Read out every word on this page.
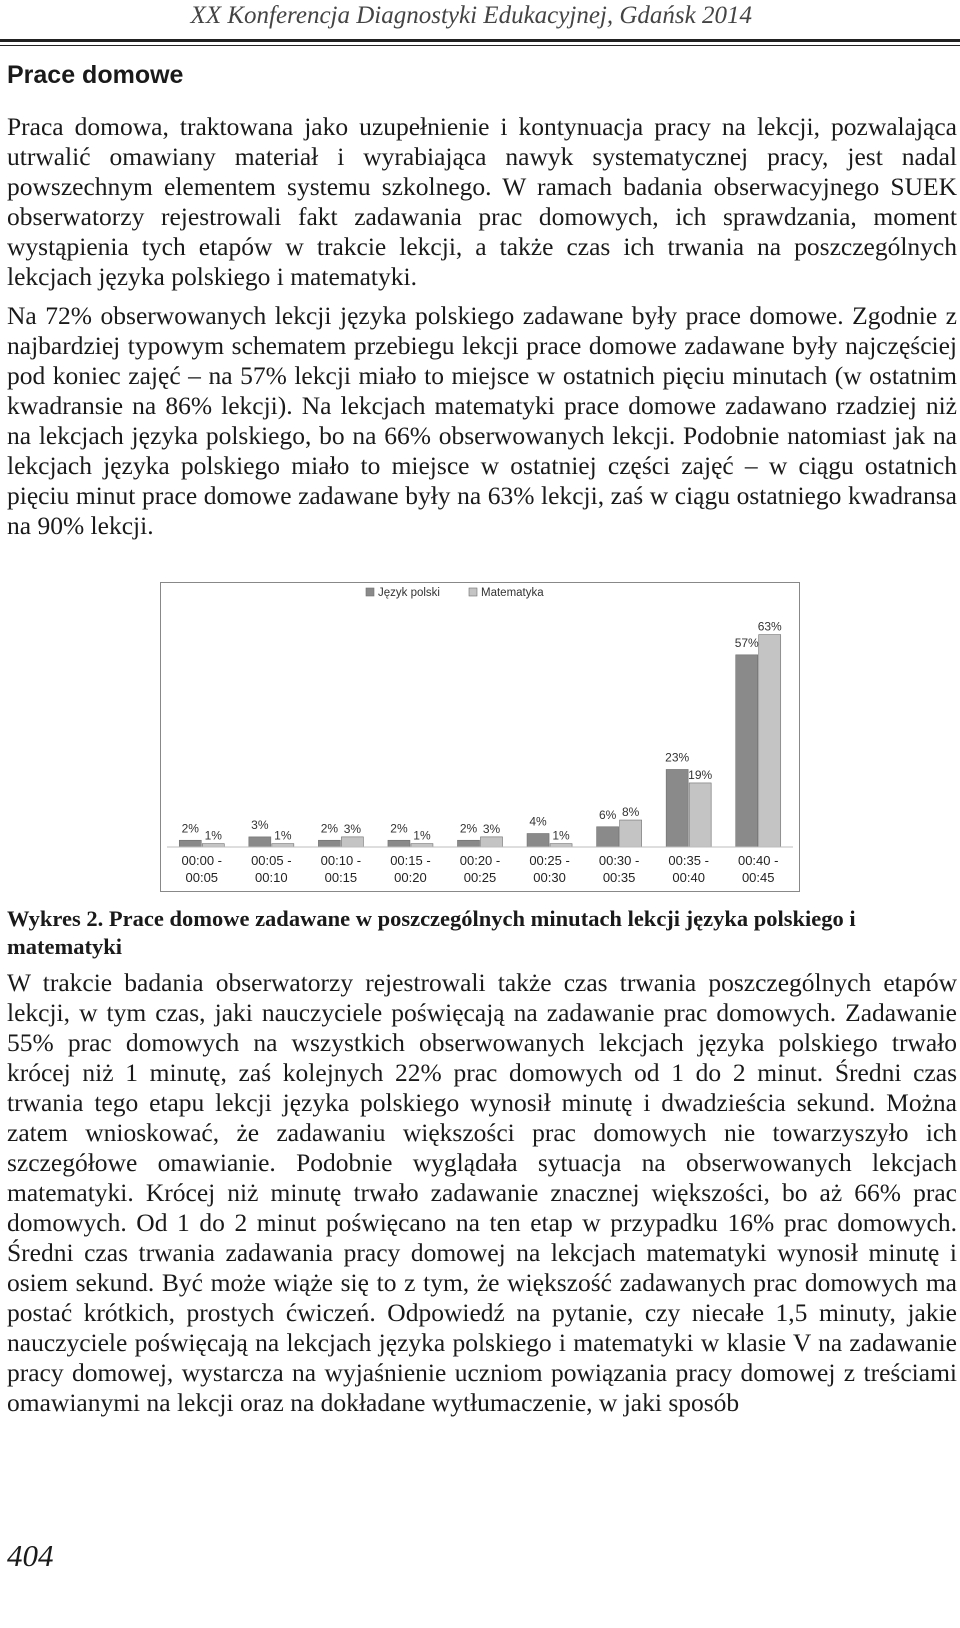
XX Konferencja Diagnostyki Edukacyjnej, Gdańsk 2014
Prace domowe
Praca domowa, traktowana jako uzupełnienie i kontynuacja pracy na lekcji, pozwalająca utrwalić omawiany materiał i wyrabiająca nawyk systematycznej pracy, jest nadal powszechnym elementem systemu szkolnego. W ramach badania obserwacyjnego SUEK obserwatorzy rejestrowali fakt zadawania prac domowych, ich sprawdzania, moment wystąpienia tych etapów w trakcie lekcji, a także czas ich trwania na poszczególnych lekcjach języka polskiego i matematyki.
Na 72% obserwowanych lekcji języka polskiego zadawane były prace domowe. Zgodnie z najbardziej typowym schematem przebiegu lekcji prace domowe zadawane były najczęściej pod koniec zajęć – na 57% lekcji miało to miejsce w ostatnich pięciu minutach (w ostatnim kwadransie na 86% lekcji). Na lekcjach matematyki prace domowe zadawano rzadziej niż na lekcjach języka polskiego, bo na 66% obserwowanych lekcji. Podobnie natomiast jak na lekcjach języka polskiego miało to miejsce w ostatniej części zajęć – w ciągu ostatnich pięciu minut prace domowe zadawane były na 63% lekcji, zaś w ciągu ostatniego kwadransa na 90% lekcji.
Język polski	Matematyka
2%
1%
3%
1%
2% 3% 2%
1%
2% 3%
4%
1%
6% 8%
23%
19%
57%
63%
00:00 -
00:05
00:05 -
00:10
00:10 -
00:15
00:15 -
00:20
00:20 -
00:25
00:25 -
00:30
00:30 -
00:35
00:35 -
00:40
00:40 -
00:45

Wykres 2. Prace domowe zadawane w poszczególnych minutach lekcji języka polskiego i matematyki

W trakcie badania obserwatorzy rejestrowali także czas trwania poszczególnych etapów lekcji, w tym czas, jaki nauczyciele poświęcają na zadawanie prac domowych. Zadawanie 55% prac domowych na wszystkich obserwowanych lekcjach języka polskiego trwało krócej niż 1 minutę, zaś kolejnych 22% prac domowych od 1 do 2 minut. Średni czas trwania tego etapu lekcji języka polskiego wynosił minutę i dwadzieścia sekund. Można zatem wnioskować, że zadawaniu większości prac domowych nie towarzyszyło ich szczegółowe omawianie. Podobnie wyglądała sytuacja na obserwowanych lekcjach matematyki. Krócej niż minutę trwało zadawanie znacznej większości, bo aż 66% prac domowych. Od 1 do 2 minut poświęcano na ten etap w przypadku 16% prac domowych. Średni czas trwania zadawania pracy domowej na lekcjach matematyki wynosił minutę i osiem sekund. Być może wiąże się to z tym, że większość zadawanych prac domowych ma postać krótkich, prostych ćwiczeń. Odpowiedź na pytanie, czy niecałe 1,5 minuty, jakie nauczyciele poświęcają na lekcjach języka polskiego i matematyki w klasie V na zadawanie pracy domowej, wystarcza na wyjaśnienie uczniom powiązania pracy domowej z treściami omawianymi na lekcji oraz na dokładane wytłumaczenie, w jaki sposób
404
